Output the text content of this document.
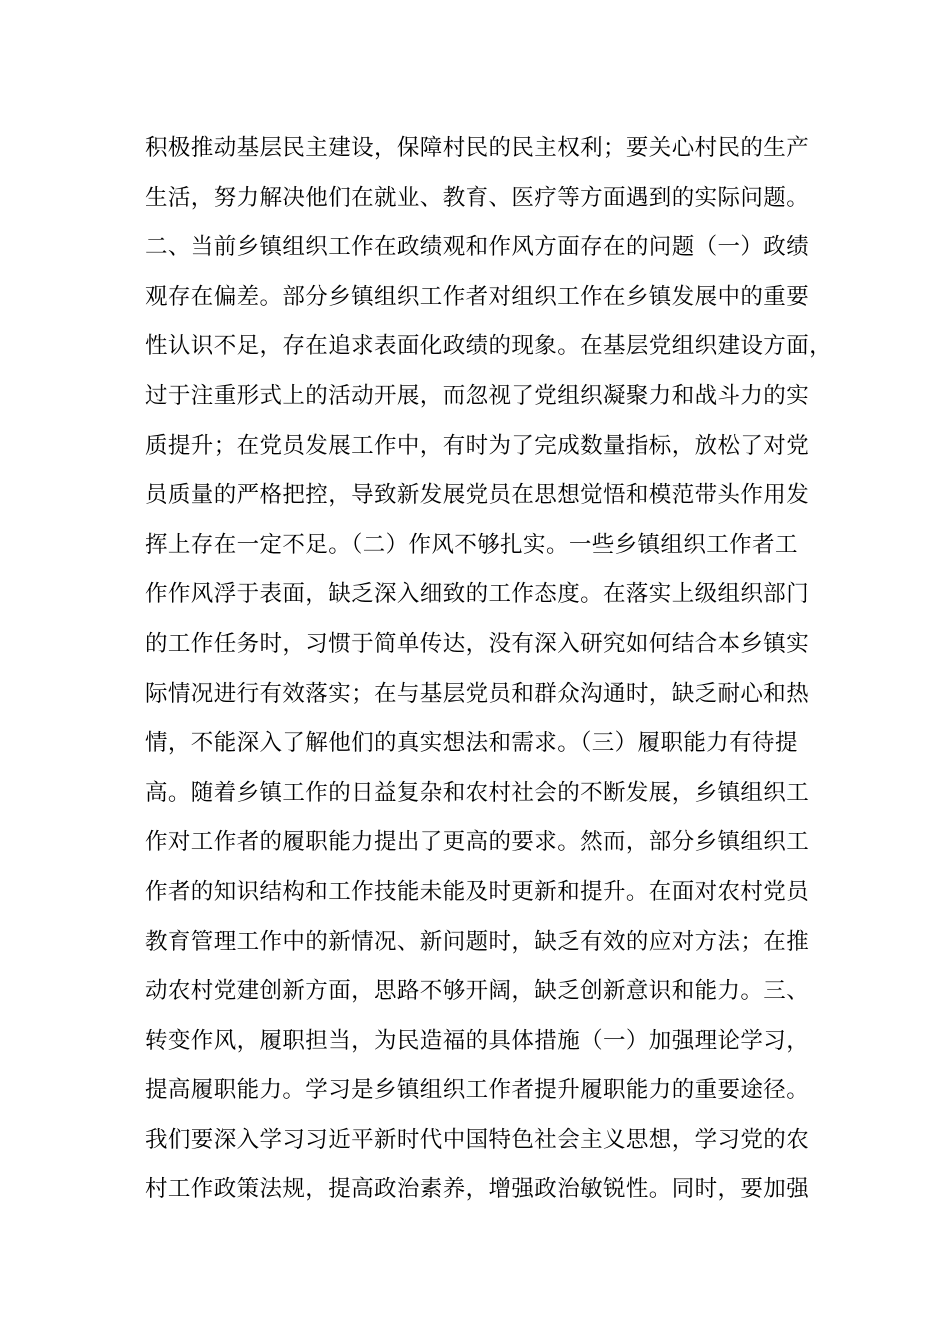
积极推动基层民主建设，保障村民的民主权利；要关心村民的生产
生活，努力解决他们在就业、教育、医疗等方面遇到的实际问题。
二、当前乡镇组织工作在政绩观和作风方面存在的问题（一）政绩
观存在偏差。部分乡镇组织工作者对组织工作在乡镇发展中的重要
性认识不足，存在追求表面化政绩的现象。在基层党组织建设方面，
过于注重形式上的活动开展，而忽视了党组织凝聚力和战斗力的实
质提升；在党员发展工作中，有时为了完成数量指标，放松了对党
员质量的严格把控，导致新发展党员在思想觉悟和模范带头作用发
挥上存在一定不足。（二）作风不够扎实。一些乡镇组织工作者工
作作风浮于表面，缺乏深入细致的工作态度。在落实上级组织部门
的工作任务时，习惯于简单传达，没有深入研究如何结合本乡镇实
际情况进行有效落实；在与基层党员和群众沟通时，缺乏耐心和热
情，不能深入了解他们的真实想法和需求。（三）履职能力有待提
高。随着乡镇工作的日益复杂和农村社会的不断发展，乡镇组织工
作对工作者的履职能力提出了更高的要求。然而，部分乡镇组织工
作者的知识结构和工作技能未能及时更新和提升。在面对农村党员
教育管理工作中的新情况、新问题时，缺乏有效的应对方法；在推
动农村党建创新方面，思路不够开阔，缺乏创新意识和能力。三、
转变作风，履职担当，为民造福的具体措施（一）加强理论学习，
提高履职能力。学习是乡镇组织工作者提升履职能力的重要途径。
我们要深入学习习近平新时代中国特色社会主义思想，学习党的农
村工作政策法规，提高政治素养，增强政治敏锐性。同时，要加强
